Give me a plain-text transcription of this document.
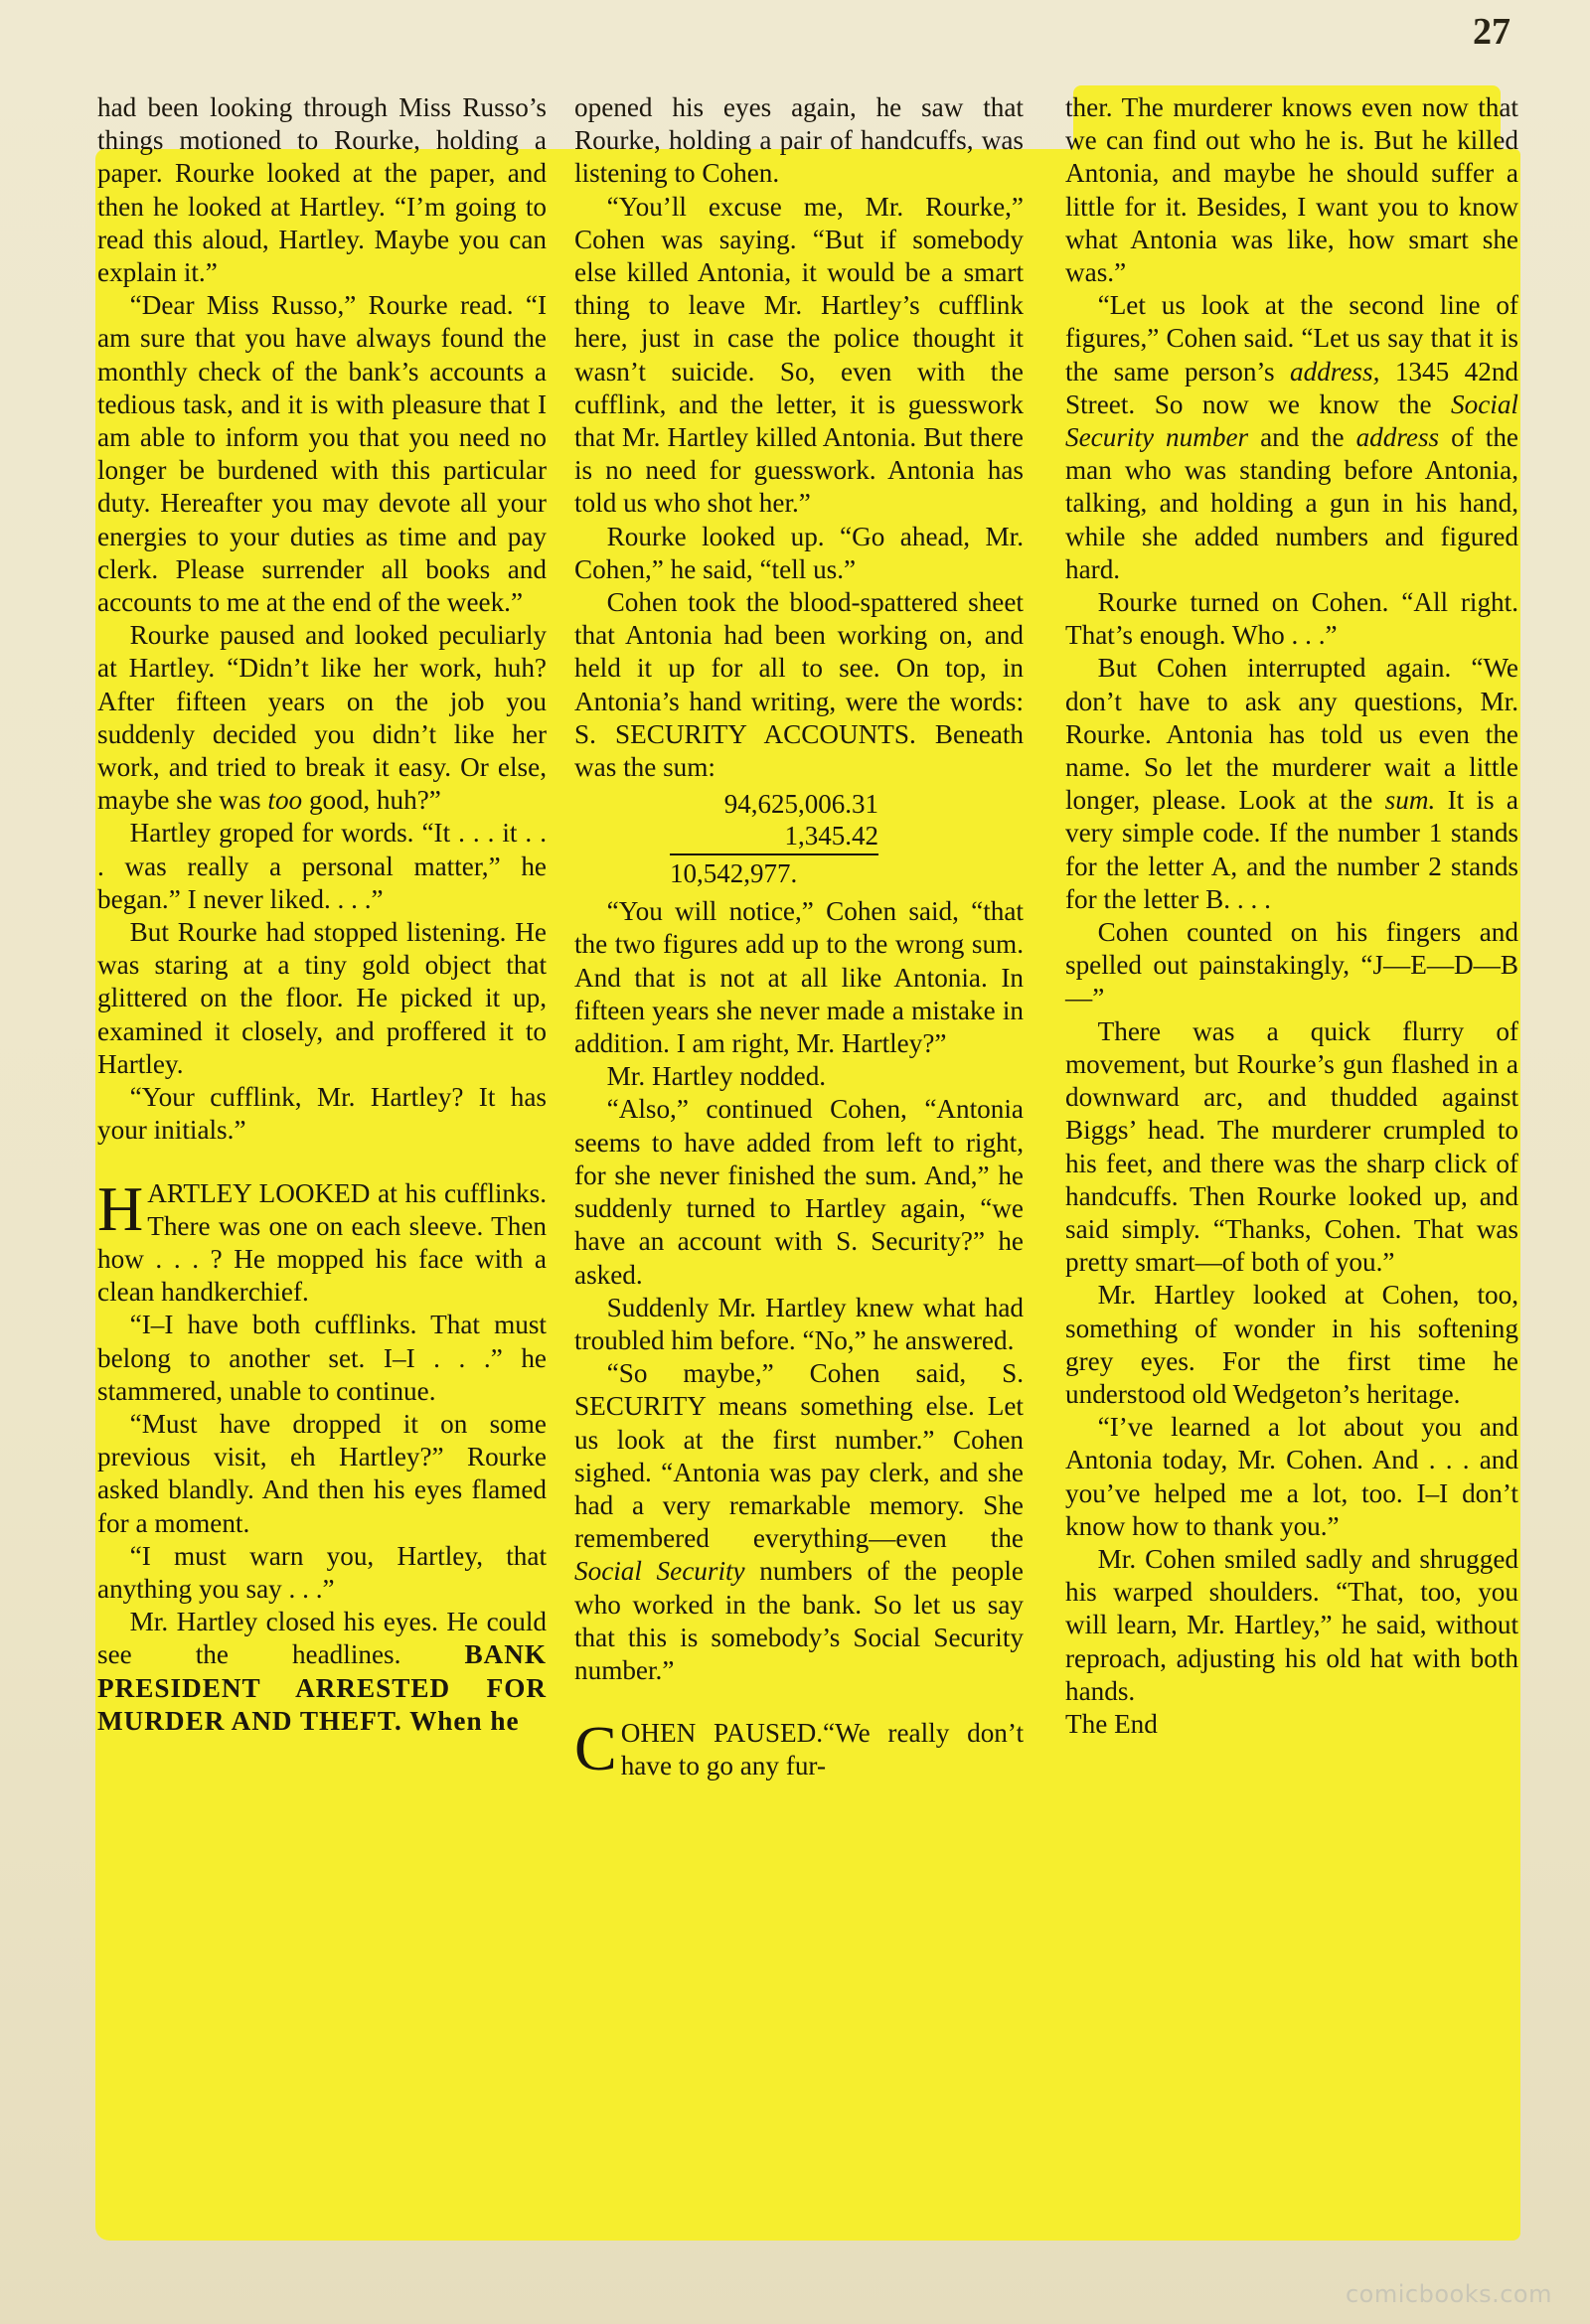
27

had been looking through Miss Russo’s things motioned to Rourke, holding a paper. Rourke looked at the paper, and then he looked at Hartley. “I’m going to read this aloud, Hartley. Maybe you can explain it.”

“Dear Miss Russo,” Rourke read. “I am sure that you have always found the monthly check of the bank’s accounts a tedious task, and it is with pleasure that I am able to inform you that you need no longer be burdened with this particular duty. Hereafter you may devote all your energies to your duties as time and pay clerk. Please surrender all books and accounts to me at the end of the week.”

Rourke paused and looked peculiarly at Hartley. “Didn’t like her work, huh? After fifteen years on the job you suddenly decided you didn’t like her work, and tried to break it easy. Or else, maybe she was too good, huh?”

Hartley groped for words. “It . . . it . . . was really a personal matter,” he began.” I never liked. . . .”

But Rourke had stopped listening. He was staring at a tiny gold object that glittered on the floor. He picked it up, examined it closely, and proffered it to Hartley.

“Your cufflink, Mr. Hartley? It has your initials.”

HARTLEY LOOKED at his cufflinks. There was one on each sleeve. Then how . . . ? He mopped his face with a clean handkerchief.

“I–I have both cufflinks. That must belong to another set. I–I . . .” he stammered, unable to continue.

“Must have dropped it on some previous visit, eh Hartley?” Rourke asked blandly. And then his eyes flamed for a moment.

“I must warn you, Hartley, that anything you say . . .”

Mr. Hartley closed his eyes. He could see the headlines. BANK PRESIDENT ARRESTED FOR MURDER AND THEFT. When he

opened his eyes again, he saw that Rourke, holding a pair of handcuffs, was listening to Cohen.

“You’ll excuse me, Mr. Rourke,” Cohen was saying. “But if somebody else killed Antonia, it would be a smart thing to leave Mr. Hartley’s cufflink here, just in case the police thought it wasn’t suicide. So, even with the cufflink, and the letter, it is guesswork that Mr. Hartley killed Antonia. But there is no need for guesswork. Antonia has told us who shot her.”

Rourke looked up. “Go ahead, Mr. Cohen,” he said, “tell us.”

Cohen took the blood-spattered sheet that Antonia had been working on, and held it up for all to see. On top, in Antonia’s hand writing, were the words: S. SECURITY ACCOUNTS. Beneath was the sum:

94,625,006.31
1,345.42
10,542,977.

“You will notice,” Cohen said, “that the two figures add up to the wrong sum. And that is not at all like Antonia. In fifteen years she never made a mistake in addition. I am right, Mr. Hartley?”

Mr. Hartley nodded.

“Also,” continued Cohen, “Antonia seems to have added from left to right, for she never finished the sum. And,” he suddenly turned to Hartley again, “we have an account with S. Security?” he asked.

Suddenly Mr. Hartley knew what had troubled him before. “No,” he answered.

“So maybe,” Cohen said, S. SECURITY means something else. Let us look at the first number.” Cohen sighed. “Antonia was pay clerk, and she had a very remarkable memory. She remembered everything—even the Social Security numbers of the people who worked in the bank. So let us say that this is somebody’s Social Security number.”

COHEN PAUSED.“We really don’t have to go any fur-

ther. The murderer knows even now that we can find out who he is. But he killed Antonia, and maybe he should suffer a little for it. Besides, I want you to know what Antonia was like, how smart she was.”

“Let us look at the second line of figures,” Cohen said. “Let us say that it is the same person’s address, 1345 42nd Street. So now we know the Social Security number and the address of the man who was standing before Antonia, talking, and holding a gun in his hand, while she added numbers and figured hard.

Rourke turned on Cohen. “All right. That’s enough. Who . . .”

But Cohen interrupted again. “We don’t have to ask any questions, Mr. Rourke. Antonia has told us even the name. So let the murderer wait a little longer, please. Look at the sum. It is a very simple code. If the number 1 stands for the letter A, and the number 2 stands for the letter B. . . .

Cohen counted on his fingers and spelled out painstakingly, “J—E—D—B—”

There was a quick flurry of movement, but Rourke’s gun flashed in a downward arc, and thudded against Biggs’ head. The murderer crumpled to his feet, and there was the sharp click of handcuffs. Then Rourke looked up, and said simply. “Thanks, Cohen. That was pretty smart—of both of you.”

Mr. Hartley looked at Cohen, too, something of wonder in his softening grey eyes. For the first time he understood old Wedgeton’s heritage.

“I’ve learned a lot about you and Antonia today, Mr. Cohen. And . . . and you’ve helped me a lot, too. I–I don’t know how to thank you.”

Mr. Cohen smiled sadly and shrugged his warped shoulders. “That, too, you will learn, Mr. Hartley,” he said, without reproach, adjusting his old hat with both hands.

The End

comicbooks.com
